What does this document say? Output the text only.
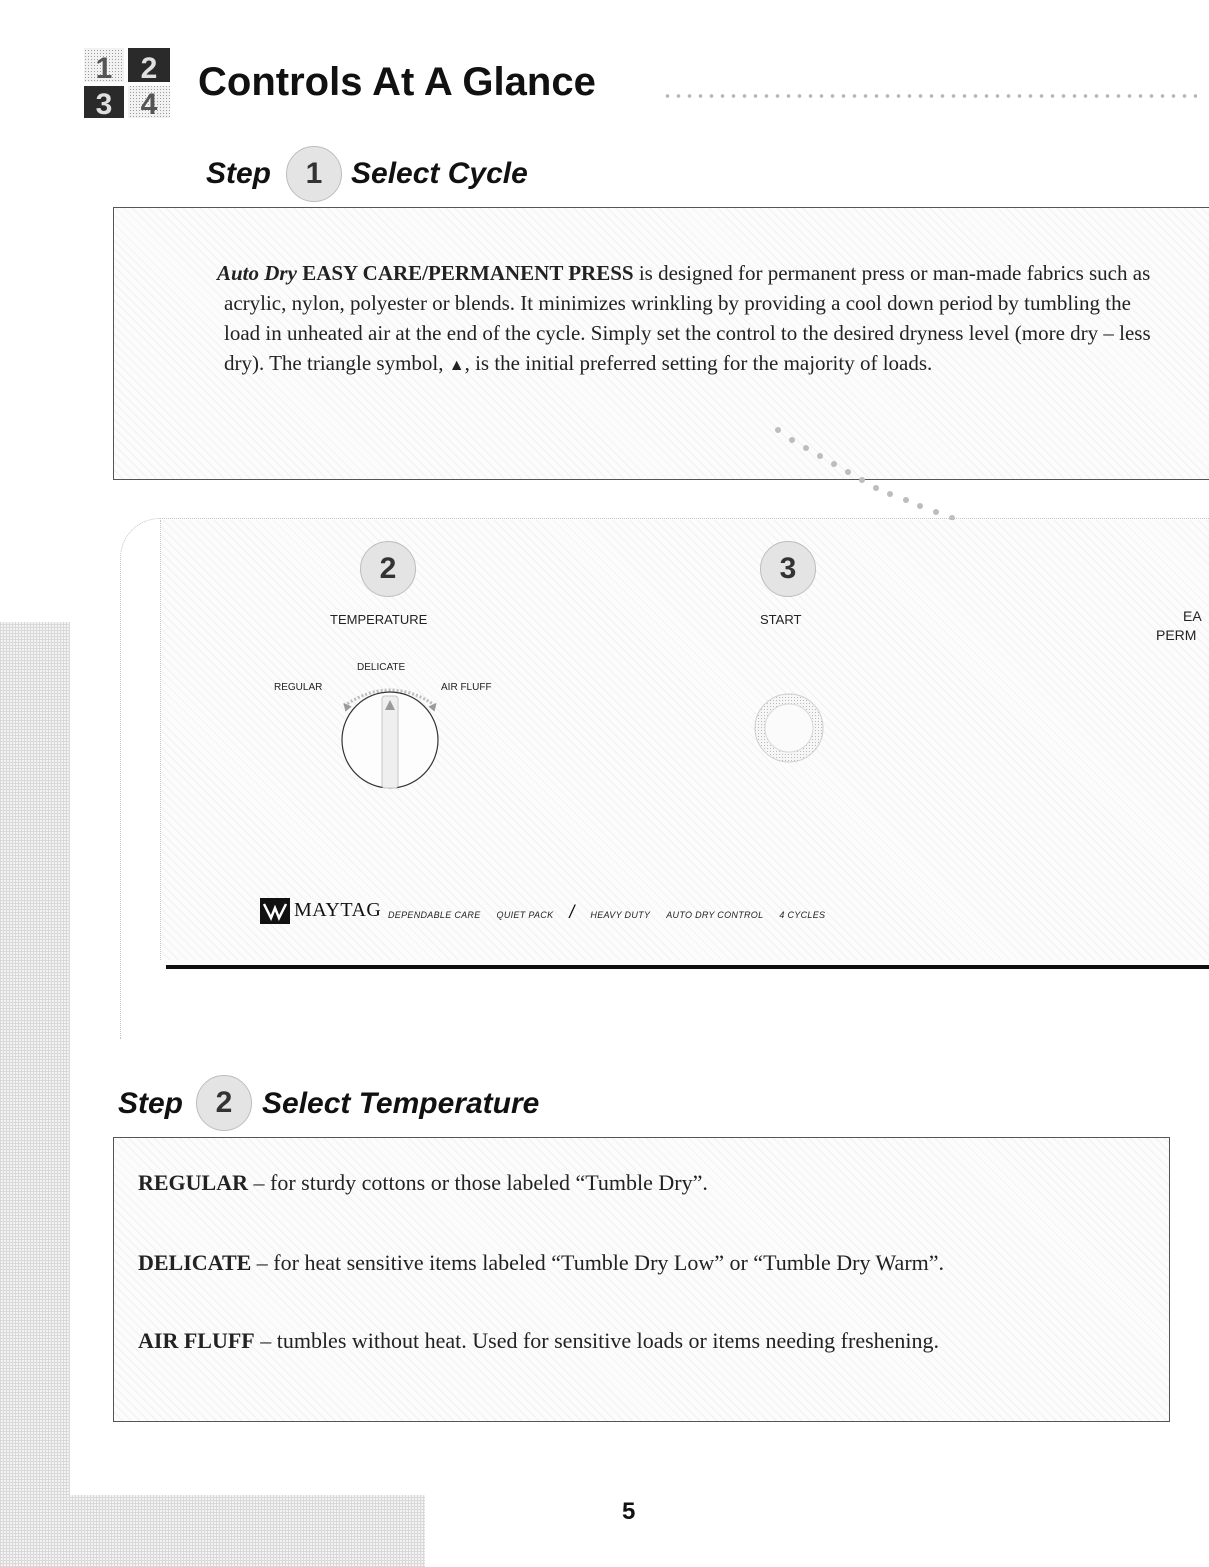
1 2
3 4
Controls At A Glance
Step 1 Select Cycle
Auto Dry EASY CARE/PERMANENT PRESS is designed for permanent press or man-made fabrics such as acrylic, nylon, polyester or blends. It minimizes wrinkling by providing a cool down period by tumbling the load in unheated air at the end of the cycle. Simply set the control to the desired dryness level (more dry – less dry). The triangle symbol, ▲, is the initial preferred setting for the majority of loads.
2	3
TEMPERATURE	START	EA
PERM
DELICATE
REGULAR	AIR FLUFF
MAYTAG DEPENDABLE CARE QUIET PACK / HEAVY DUTY AUTO DRY CONTROL 4 CYCLES
Step 2 Select Temperature
REGULAR – for sturdy cottons or those labeled “Tumble Dry”.
DELICATE – for heat sensitive items labeled “Tumble Dry Low” or “Tumble Dry Warm”.
AIR FLUFF – tumbles without heat. Used for sensitive loads or items needing freshening.
5
